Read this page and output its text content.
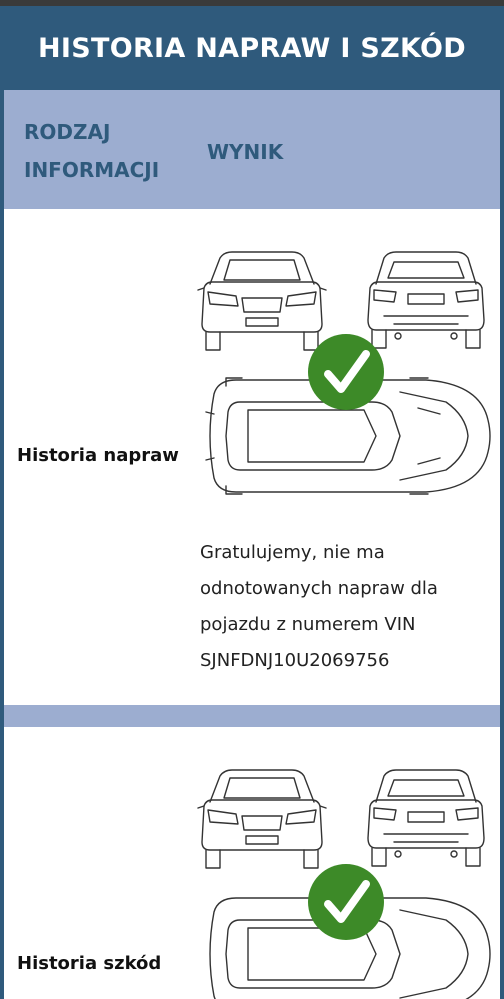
HISTORIA NAPRAW I SZKÓD
RODZAJ INFORMACJI
WYNIK
Historia napraw
Gratulujemy, nie ma odnotowanych napraw dla pojazdu z numerem VIN SJNFDNJ10U2069756
Historia szkód
